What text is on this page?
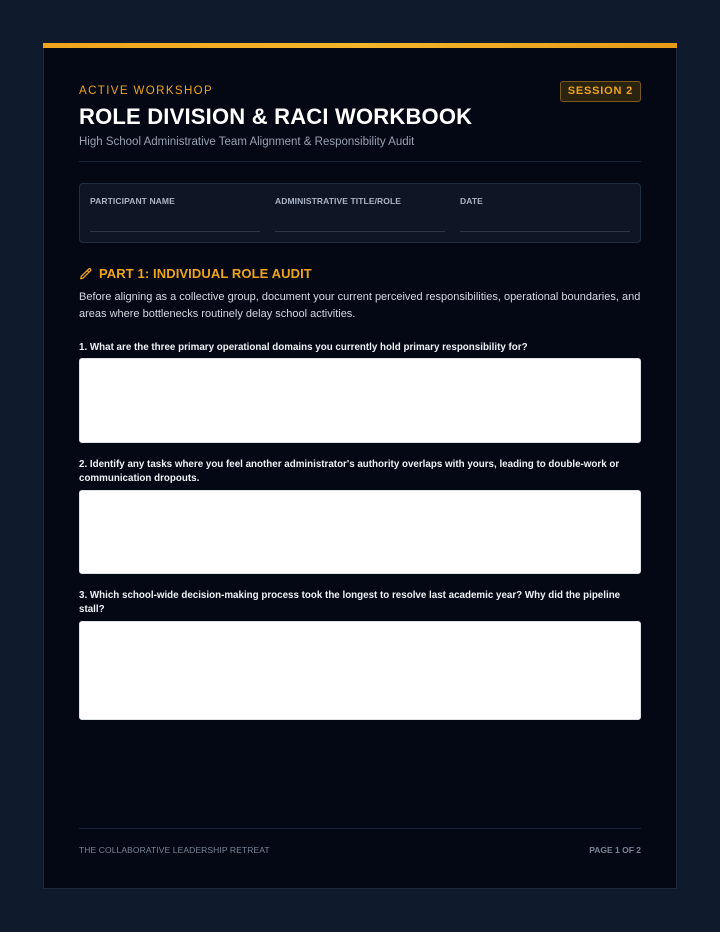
ACTIVE WORKSHOP	SESSION 2
ROLE DIVISION & RACI WORKBOOK
High School Administrative Team Alignment & Responsibility Audit
PARTICIPANT NAME	ADMINISTRATIVE TITLE/ROLE	DATE
PART 1: INDIVIDUAL ROLE AUDIT
Before aligning as a collective group, document your current perceived responsibilities, operational boundaries, and areas where bottlenecks routinely delay school activities.
1. What are the three primary operational domains you currently hold primary responsibility for?
2. Identify any tasks where you feel another administrator's authority overlaps with yours, leading to double-work or communication dropouts.
3. Which school-wide decision-making process took the longest to resolve last academic year? Why did the pipeline stall?
THE COLLABORATIVE LEADERSHIP RETREAT	PAGE 1 OF 2
